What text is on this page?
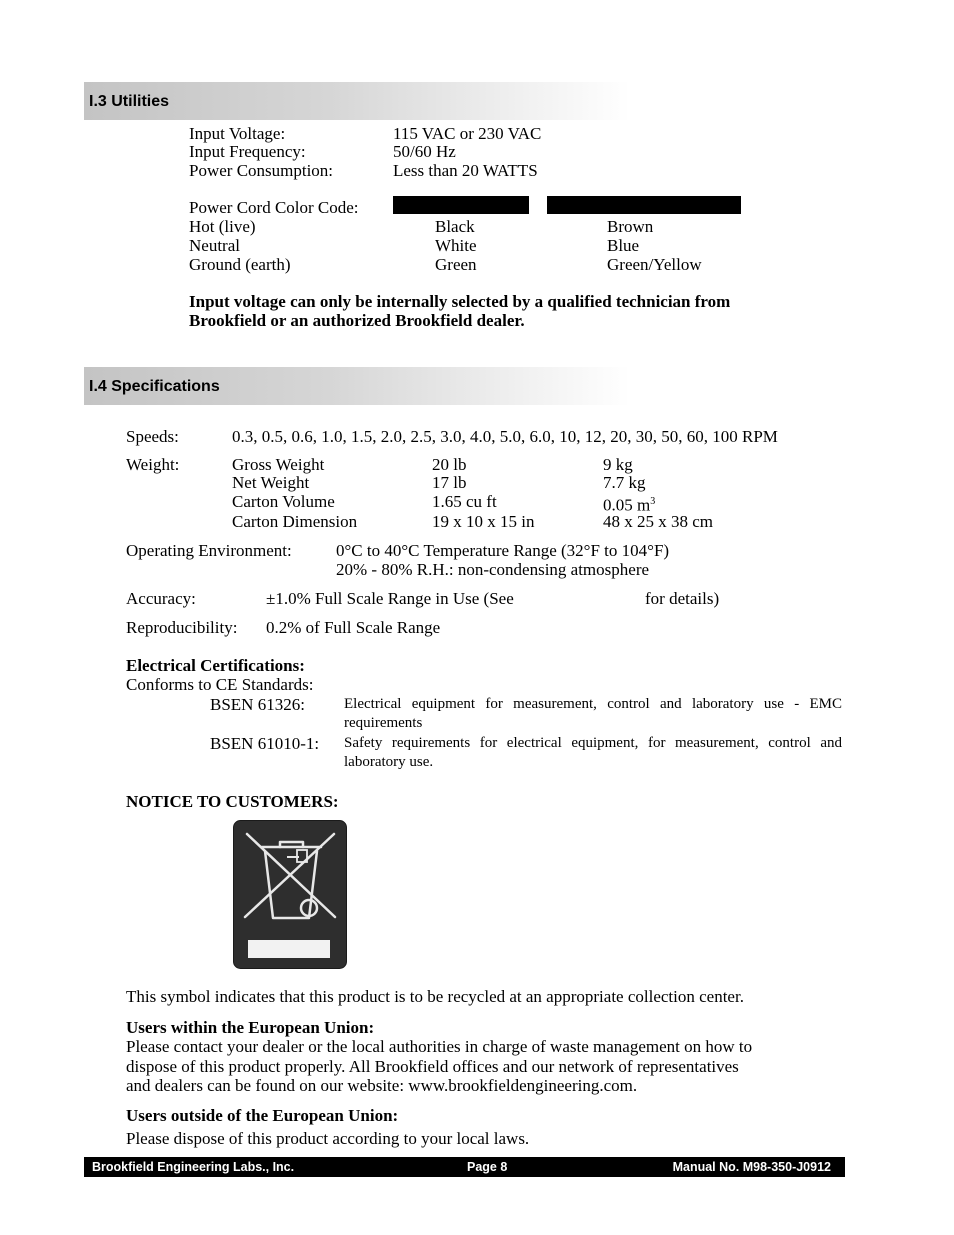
I.3 Utilities
Input Voltage:	115 VAC or 230 VAC
Input Frequency:	50/60 Hz
Power Consumption:	Less than 20 WATTS
Power Cord Color Code:
Hot (live)	Black	Brown
Neutral	White	Blue
Ground (earth)	Green	Green/Yellow
Input voltage can only be internally selected by a qualified technician from
Brookfield or an authorized Brookfield dealer.
I.4 Specifications
Speeds:	0.3, 0.5, 0.6, 1.0, 1.5, 2.0, 2.5, 3.0, 4.0, 5.0, 6.0, 10, 12, 20, 30, 50, 60, 100 RPM
Weight:	Gross Weight	20 lb	9 kg
Net Weight	17 lb	7.7 kg
Carton Volume	1.65 cu ft	0.05 $m^3$
Carton Dimension	19 x 10 x 15 in	48 x 25 x 38 cm
Operating Environment:	0°C to 40°C Temperature Range (32°F to 104°F)
20% - 80% R.H.: non-condensing atmosphere
Accuracy:	±1.0% Full Scale Range in Use (See	for details)
Reproducibility: 0.2% of Full Scale Range
Electrical Certifications:
Conforms to CE Standards:
BSEN 61326:	Electrical equipment for measurement, control and laboratory use - EMC requirements
BSEN 61010-1: Safety requirements for electrical equipment, for measurement, control and laboratory use.
NOTICE TO CUSTOMERS:
This symbol indicates that this product is to be recycled at an appropriate collection center.
Users within the European Union:
Please contact your dealer or the local authorities in charge of waste management on how to
dispose of this product properly. All Brookfield offices and our network of representatives
and dealers can be found on our website: www.brookfieldengineering.com.
Users outside of the European Union:
Please dispose of this product according to your local laws.
Brookfield Engineering Labs., Inc.	Page 8	Manual No. M98-350-J0912
